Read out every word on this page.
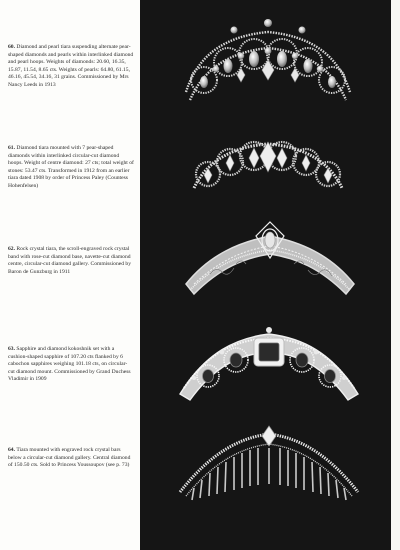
60. Diamond and pearl tiara suspending alternate pear-shaped diamonds and pearls within interlinked diamond and pearl hoops. Weights of diamonds: 20.60, 16.35, 15.87, 11.54, 8.65 cts. Weights of pearls: 64.80, 61.15, 46.16, 45.54, 34.16, 31 grains. Commissioned by Mrs Nancy Leeds in 1913
61. Diamond tiara mounted with 7 pear-shaped diamonds within interlinked circular-cut diamond hoops. Weight of centre diamond: 27 cts; total weight of stones: 53.47 cts. Transformed in 1912 from an earlier tiara dated 1908 by order of Princess Paley (Countess Hohenfelsen)
62. Rock crystal tiara, the scroll-engraved rock crystal band with rose-cut diamond base, navette-cut diamond centre, circular-cut diamond gallery. Commissioned by Baron de Gunzburg in 1911
63. Sapphire and diamond kokoshnik set with a cushion-shaped sapphire of 107.20 cts flanked by 6 cabochon sapphires weighing 101.18 cts, on circular-cut diamond mount. Commissioned by Grand Duchess Vladimir in 1909
64. Tiara mounted with engraved rock crystal bars below a circular-cut diamond gallery. Central diamond of 150.50 cts. Sold to Princess Youssoupov (see p. 73)
